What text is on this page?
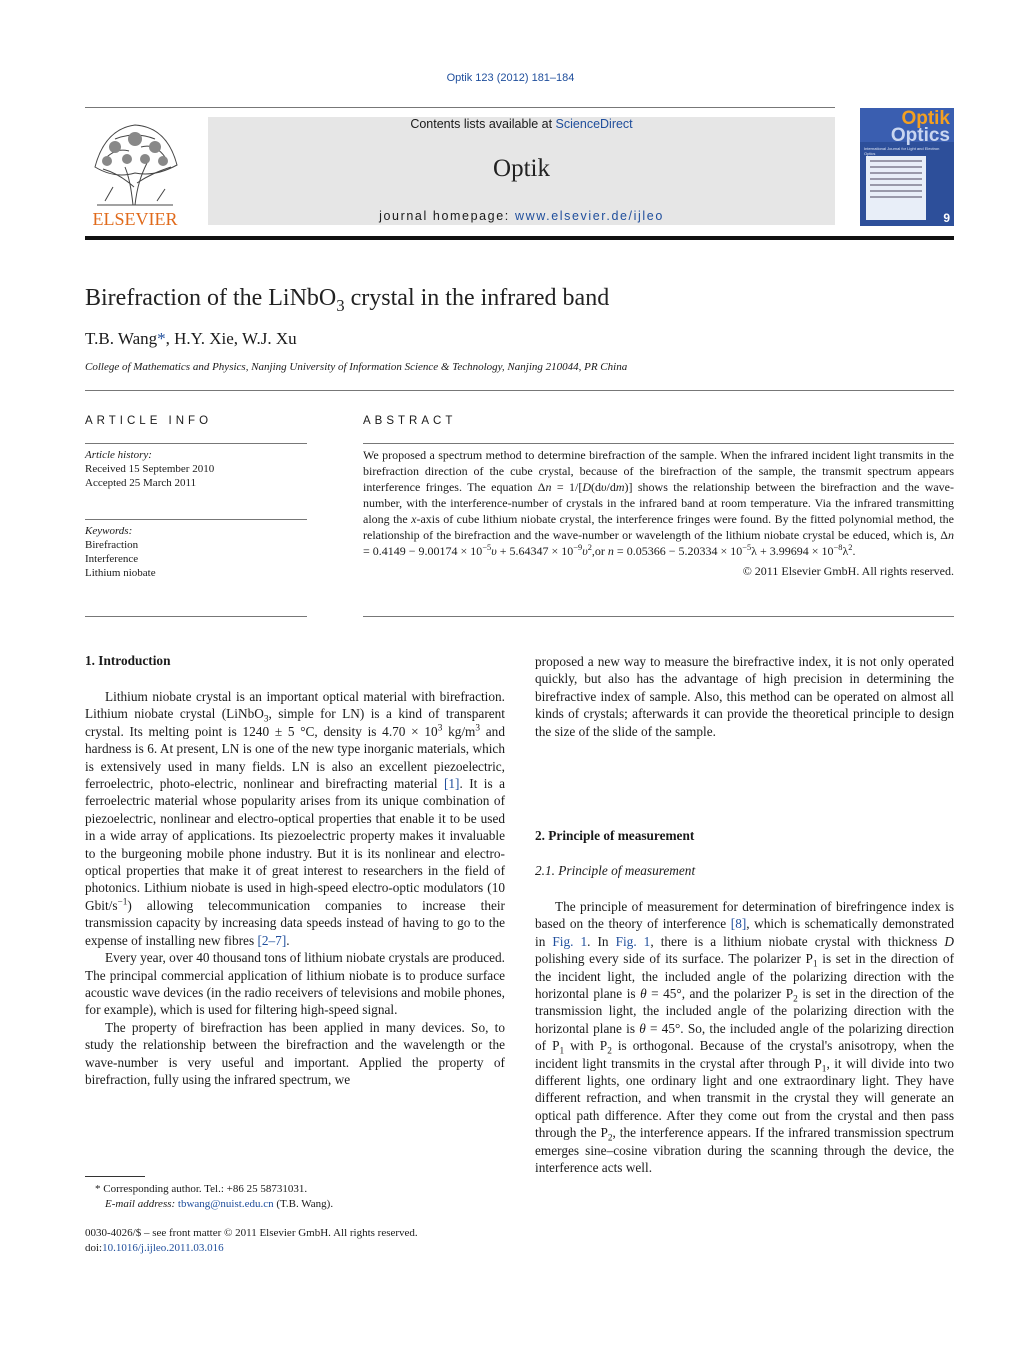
Optik 123 (2012) 181–184
ELSEVIER
Contents lists available at ScienceDirect
Optik
journal homepage: www.elsevier.de/ijleo
Optik
Optics
International Journal for Light and Electron Optics
9
Birefraction of the LiNbO$_3$ crystal in the infrared band
T.B. Wang*, H.Y. Xie, W.J. Xu
College of Mathematics and Physics, Nanjing University of Information Science & Technology, Nanjing 210044, PR China
ARTICLE INFO
Article history:
Received 15 September 2010
Accepted 25 March 2011
Keywords:
Birefraction
Interference
Lithium niobate
ABSTRACT

We proposed a spectrum method to determine birefraction of the sample. When the infrared incident light transmits in the birefraction direction of the cube crystal, because of the birefraction of the sample, the transmit spectrum appears interference fringes. The equation Δn = 1/[D(dυ/dm)] shows the relationship between the birefraction and the wave-number, with the interference-number of crystals in the infrared band at room temperature. Via the infrared transmitting along the x-axis of cube lithium niobate crystal, the interference fringes were found. By the fitted polynomial method, the relationship of the birefraction and the wave-number or wavelength of the lithium niobate crystal be educed, which is, $\Delta n = 0.4149 - 9.00174 \times 10^{-5}\upsilon + 5.64347 \times 10^{-9}\upsilon^2,or$ $n = 0.05366 - 5.20334 \times 10^{-5}\lambda + 3.99694 \times 10^{-8}\lambda^2$.

© 2011 Elsevier GmbH. All rights reserved.

1. Introduction

Lithium niobate crystal is an important optical material with birefraction. Lithium niobate crystal (LiNbO$_3$, simple for LN) is a kind of transparent crystal. Its melting point is 1240 ± 5 °C, density is $4.70 \times 10^3$ $kg/m^3$ and hardness is 6. At present, LN is one of the new type inorganic materials, which is extensively used in many fields. LN is also an excellent piezoelectric, ferroelectric, photo-electric, nonlinear and birefracting material [1]. It is a ferroelectric material whose popularity arises from its unique combination of piezoelectric, nonlinear and electro-optical properties that enable it to be used in a wide array of applications. Its piezoelectric property makes it invaluable to the burgeoning mobile phone industry. But it is its nonlinear and electro-optical properties that make it of great interest to researchers in the field of photonics. Lithium niobate is used in high-speed electro-optic modulators (10 Gbit/$s^{-1}$) allowing telecommunication companies to increase their transmission capacity by increasing data speeds instead of having to go to the expense of installing new fibres [2–7].

Every year, over 40 thousand tons of lithium niobate crystals are produced. The principal commercial application of lithium niobate is to produce surface acoustic wave devices (in the radio receivers of televisions and mobile phones, for example), which is used for filtering high-speed signal.

The property of birefraction has been applied in many devices. So, to study the relationship between the birefraction and the wavelength or the wave-number is very useful and important. Applied the property of birefraction, fully using the infrared spectrum, we

* Corresponding author. Tel.: +86 25 58731031.
E-mail address: tbwang@nuist.edu.cn (T.B. Wang).
0030-4026/$ – see front matter © 2011 Elsevier GmbH. All rights reserved.
doi:10.1016/j.ijleo.2011.03.016

proposed a new way to measure the birefractive index, it is not only operated quickly, but also has the advantage of high precision in determining the birefractive index of sample. Also, this method can be operated on almost all kinds of crystals; afterwards it can provide the theoretical principle to design the size of the slide of the sample.

2. Principle of measurement
2.1. Principle of measurement

The principle of measurement for determination of birefringence index is based on the theory of interference [8], which is schematically demonstrated in Fig. 1. In Fig. 1, there is a lithium niobate crystal with thickness D polishing every side of its surface. The polarizer $P_1$ is set in the direction of the incident light, the included angle of the polarizing direction with the horizontal plane is θ = 45°, and the polarizer $P_2$ is set in the direction of the transmission light, the included angle of the polarizing direction with the horizontal plane is θ = 45°. So, the included angle of the polarizing direction of $P_1$ with $P_2$ is orthogonal. Because of the crystal's anisotropy, when the incident light transmits in the crystal after through $P_1$, it will divide into two different lights, one ordinary light and one extraordinary light. They have different refraction, and when transmit in the crystal they will generate an optical path difference. After they come out from the crystal and then pass through the $P_2$, the interference appears. If the infrared transmission spectrum emerges sine–cosine vibration during the scanning through the device, the interference acts well.
